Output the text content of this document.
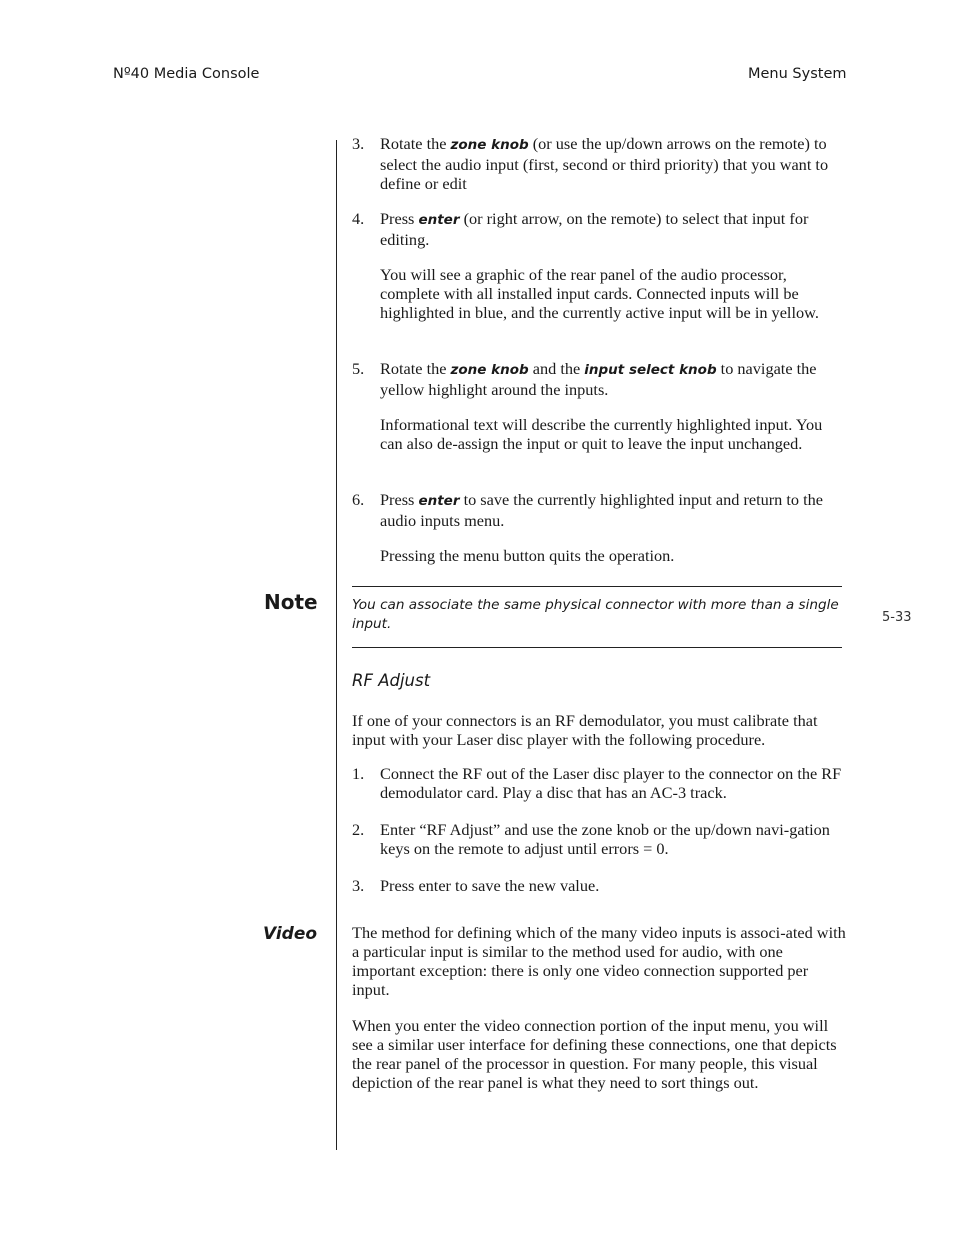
Nº40 Media Console	Menu System
5-33
3. Rotate the zone knob (or use the up/down arrows on the remote) to select the audio input (first, second or third priority) that you want to define or edit
4. Press enter (or right arrow, on the remote) to select that input for editing.
You will see a graphic of the rear panel of the audio processor, complete with all installed input cards. Connected inputs will be highlighted in blue, and the currently active input will be in yellow.
5. Rotate the zone knob and the input select knob to navigate the yellow highlight around the inputs.
Informational text will describe the currently highlighted input. You can also de-assign the input or quit to leave the input unchanged.
6. Press enter to save the currently highlighted input and return to the audio inputs menu.
Pressing the menu button quits the operation.
Note	You can associate the same physical connector with more than a single input.
RF Adjust
If one of your connectors is an RF demodulator, you must calibrate that input with your Laser disc player with the following procedure.
1. Connect the RF out of the Laser disc player to the connector on the RF demodulator card. Play a disc that has an AC-3 track.
2. Enter “RF Adjust” and use the zone knob or the up/down navi-gation keys on the remote to adjust until errors = 0.
3. Press enter to save the new value.
Video The method for defining which of the many video inputs is associ-ated with a particular input is similar to the method used for audio, with one important exception: there is only one video connection supported per input.
When you enter the video connection portion of the input menu, you will see a similar user interface for defining these connections, one that depicts the rear panel of the processor in question. For many people, this visual depiction of the rear panel is what they need to sort things out.
